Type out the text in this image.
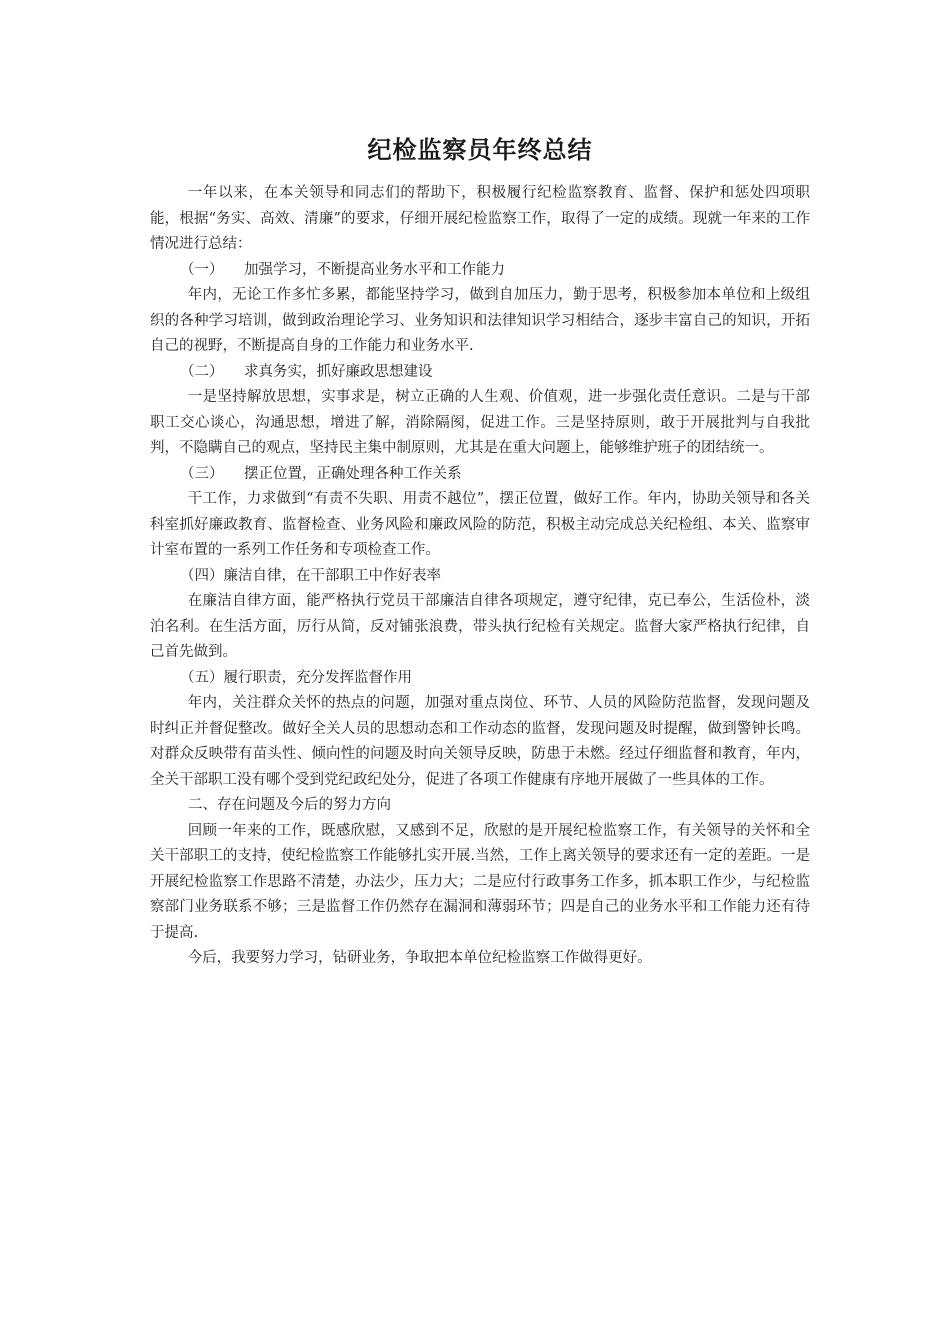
纪检监察员年终总结

一年以来，在本关领导和同志们的帮助下，积极履行纪检监察教育、监督、保护和惩处四项职能，根据“务实、高效、清廉”的要求，仔细开展纪检监察工作，取得了一定的成绩。现就一年来的工作情况进行总结：

（一） 加强学习，不断提高业务水平和工作能力

年内，无论工作多忙多累，都能坚持学习，做到自加压力，勤于思考，积极参加本单位和上级组织的各种学习培训，做到政治理论学习、业务知识和法律知识学习相结合，逐步丰富自己的知识，开拓自己的视野，不断提高自身的工作能力和业务水平.

（二） 求真务实，抓好廉政思想建设

一是坚持解放思想，实事求是，树立正确的人生观、价值观，进一步强化责任意识。二是与干部职工交心谈心，沟通思想，增进了解，消除隔阂，促进工作。三是坚持原则，敢于开展批判与自我批判，不隐瞒自己的观点，坚持民主集中制原则，尤其是在重大问题上，能够维护班子的团结统一。

（三） 摆正位置，正确处理各种工作关系

干工作，力求做到“有责不失职、用责不越位”，摆正位置，做好工作。年内，协助关领导和各关科室抓好廉政教育、监督检查、业务风险和廉政风险的防范，积极主动完成总关纪检组、本关、监察审计室布置的一系列工作任务和专项检查工作。

（四）廉洁自律，在干部职工中作好表率

在廉洁自律方面，能严格执行党员干部廉洁自律各项规定，遵守纪律，克已奉公，生活俭朴，淡泊名利。在生活方面，厉行从简，反对铺张浪费，带头执行纪检有关规定。监督大家严格执行纪律，自己首先做到。

（五）履行职责，充分发挥监督作用

年内，关注群众关怀的热点的问题，加强对重点岗位、环节、人员的风险防范监督，发现问题及时纠正并督促整改。做好全关人员的思想动态和工作动态的监督，发现问题及时提醒，做到警钟长鸣。对群众反映带有苗头性、倾向性的问题及时向关领导反映，防患于未燃。经过仔细监督和教育，年内，全关干部职工没有哪个受到党纪政纪处分，促进了各项工作健康有序地开展做了一些具体的工作。

二、存在问题及今后的努力方向

回顾一年来的工作，既感欣慰，又感到不足，欣慰的是开展纪检监察工作，有关领导的关怀和全关干部职工的支持，使纪检监察工作能够扎实开展.当然，工作上离关领导的要求还有一定的差距。一是开展纪检监察工作思路不清楚，办法少，压力大；二是应付行政事务工作多，抓本职工作少，与纪检监察部门业务联系不够；三是监督工作仍然存在漏洞和薄弱环节；四是自己的业务水平和工作能力还有待于提高.

今后，我要努力学习，钻研业务，争取把本单位纪检监察工作做得更好。
